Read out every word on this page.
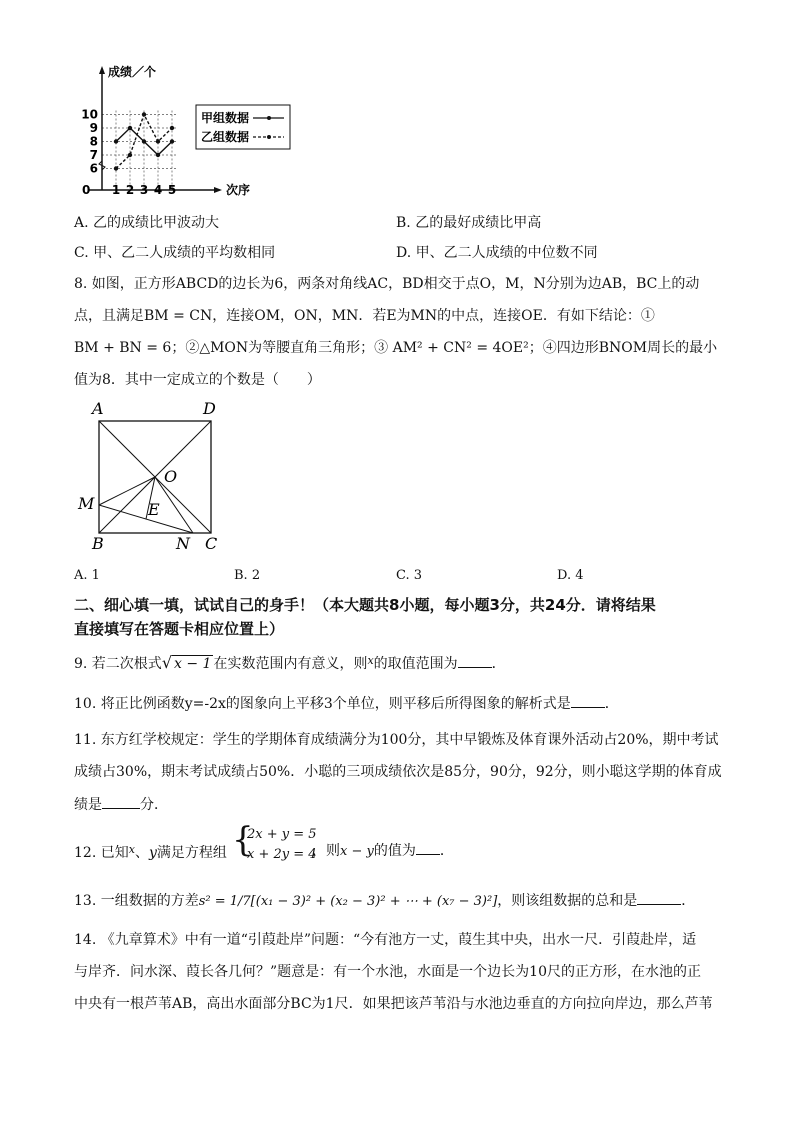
成绩／个
次序
0
6
7
8
9
10
1 2 3 4 5
甲组数据
乙组数据
A. 乙的成绩比甲波动大	B. 乙的最好成绩比甲高
C. 甲、乙二人成绩的平均数相同	D. 甲、乙二人成绩的中位数不同
8. 如图，正方形ABCD的边长为6，两条对角线AC，BD相交于点O，M，N分别为边AB，BC上的动
点，且满足BM = CN，连接OM，ON，MN．若E为MN的中点，连接OE．有如下结论：①
BM + BN = 6；②△MON为等腰直角三角形；③ AM² + CN² = 4OE²；④四边形BNOM周长的最小
值为8．其中一定成立的个数是（　　）
A	D
O
M	E
B	N C
A. 1	B. 2	C. 3	D. 4
二、细心填一填，试试自己的身手！（本大题共8小题，每小题3分，共24分．请将结果
直接填写在答题卡相应位置上）
9. 若二次根式√ x − 1 在实数范围内有意义，则$^x$的取值范围为 ．
10. 将正比例函数y=-2x的图象向上平移3个单位，则平移后所得图象的解析式是 ．
11. 东方红学校规定：学生的学期体育成绩满分为100分，其中早锻炼及体育课外活动占20%，期中考试
成绩占30%，期末考试成绩占50%．小聪的三项成绩依次是85分，90分，92分，则小聪这学期的体育成
绩是	分．
12. 已知$^x$、y满足方程组 {
2x + y = 5
x + 2y = 4
，则x − y的值为 ．
13. 一组数据的方差s² = 1/7[(x₁ − 3)² + (x₂ − 3)² + ⋯ + (x₇ − 3)²]，则该组数据的总和是	．
14. 《九章算术》中有一道“引葭赴岸”问题：“今有池方一丈，葭生其中央，出水一尺．引葭赴岸，适
与岸齐．问水深、葭长各几何？”题意是：有一个水池，水面是一个边长为10尺的正方形，在水池的正
中央有一根芦苇AB，高出水面部分BC为1尺．如果把该芦苇沿与水池边垂直的方向拉向岸边，那么芦苇
